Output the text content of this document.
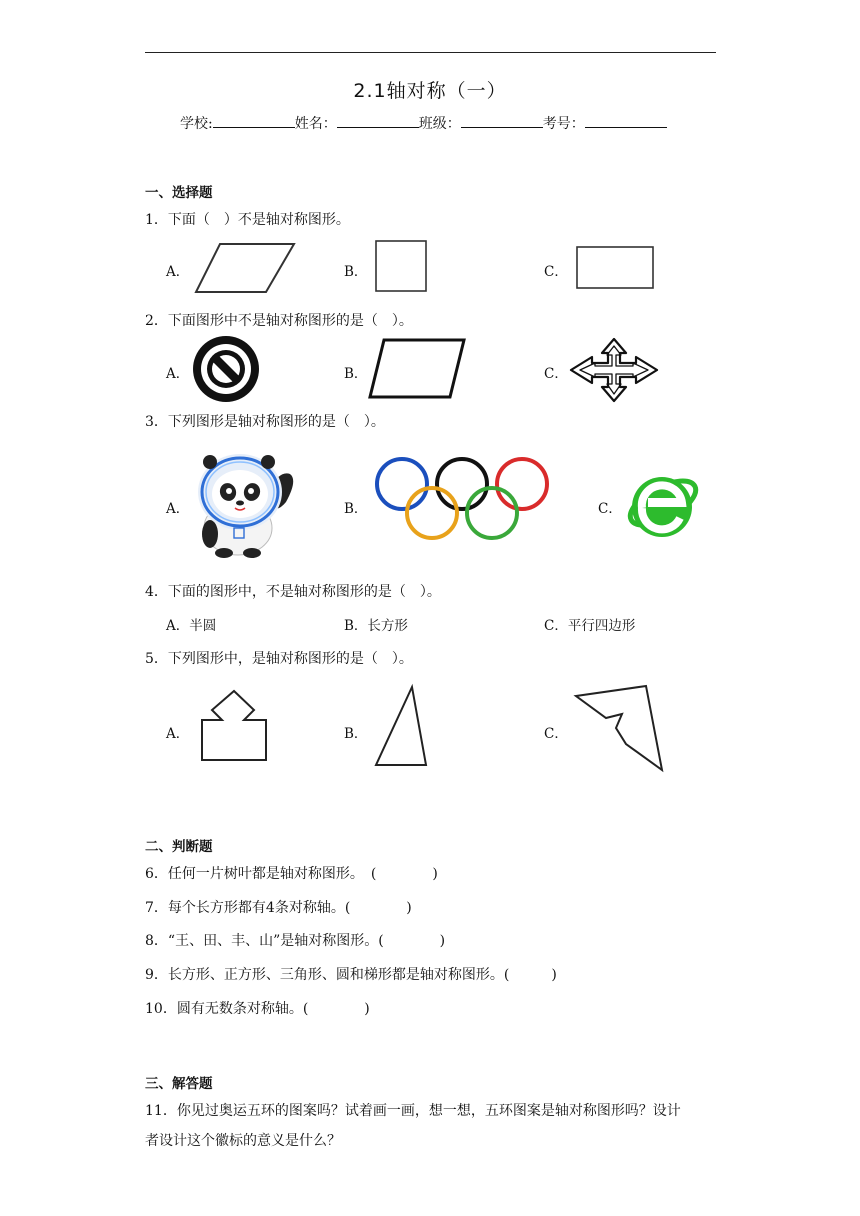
2.1轴对称（一）
学校:	姓名：	班级：	考号：
一、选择题
1．下面（　）不是轴对称图形。
A．	B．	C．
2．下面图形中不是轴对称图形的是（　）。
A．	B．	C．
3．下列图形是轴对称图形的是（　）。
A．	B．	C．
4．下面的图形中，不是轴对称图形的是（　）。
A．半圆	B．长方形	C．平行四边形
5．下列图形中，是轴对称图形的是（　）。
A．	B．	C．
二、判断题
6．任何一片树叶都是轴对称图形。　(　　　　)
7．每个长方形都有4条对称轴。(　　　　)
8．“王、田、丰、山”是轴对称图形。(　　　　)
9．长方形、正方形、三角形、圆和梯形都是轴对称图形。(　　　)
10．圆有无数条对称轴。(　　　　)
三、解答题
11．你见过奥运五环的图案吗？试着画一画，想一想，五环图案是轴对称图形吗？设计
者设计这个徽标的意义是什么？
